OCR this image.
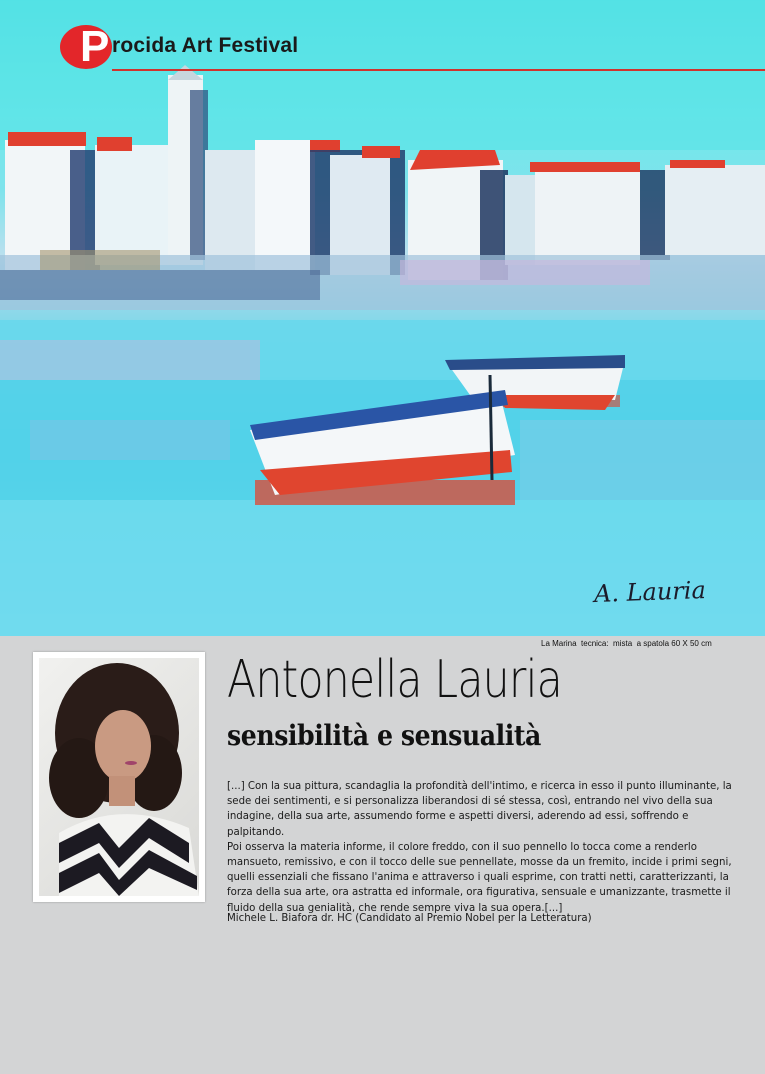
A. Lauria
P rocida Art Festival
La Marina  tecnica:  mista  a spatola 60 X 50 cm
Antonella Lauria
sensibilità e sensualità

[...] Con la sua pittura, scandaglia la profondità dell'intimo, e ricerca in esso il punto illuminante, la sede dei sentimenti, e si personalizza liberandosi di sé stessa, così, entrando nel vivo della sua indagine, della sua arte, assumendo forme e aspetti diversi, aderendo ad essi, soffrendo e palpitando.

Poi osserva la materia informe, il colore freddo, con il suo pennello lo tocca come a renderlo mansueto, remissivo, e con il tocco delle sue pennellate, mosse da un fremito, incide i primi segni, quelli essenziali che fissano l'anima e attraverso i quali esprime, con tratti netti, caratterizzanti, la forza della sua arte, ora astratta ed informale, ora figurativa, sensuale e umanizzante, trasmette il fluido della sua genialità, che rende sempre viva la sua opera.[...]

Michele L. Biafora dr. HC (Candidato al Premio Nobel per la Letteratura)
